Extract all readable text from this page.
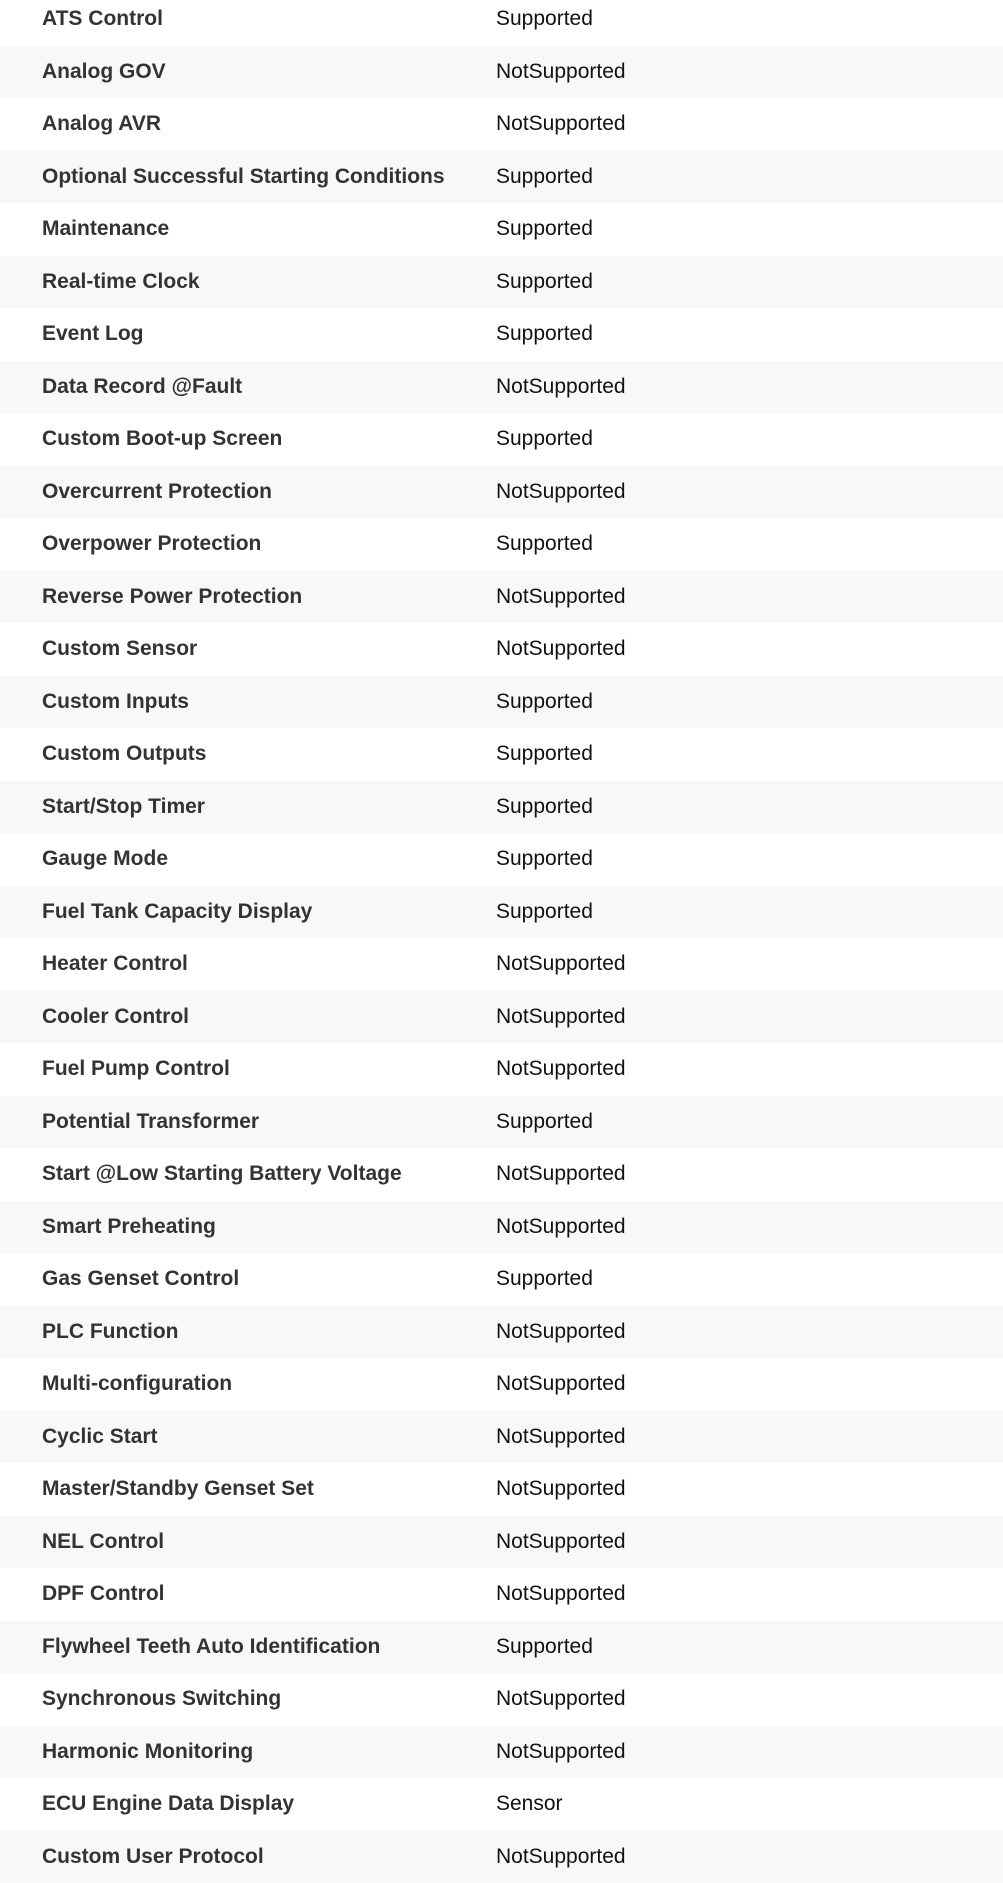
ATS Control	Supported
Analog GOV	NotSupported
Analog AVR	NotSupported
Optional Successful Starting Conditions	Supported
Maintenance	Supported
Real-time Clock	Supported
Event Log	Supported
Data Record @Fault	NotSupported
Custom Boot-up Screen	Supported
Overcurrent Protection	NotSupported
Overpower Protection	Supported
Reverse Power Protection	NotSupported
Custom Sensor	NotSupported
Custom Inputs	Supported
Custom Outputs	Supported
Start/Stop Timer	Supported
Gauge Mode	Supported
Fuel Tank Capacity Display	Supported
Heater Control	NotSupported
Cooler Control	NotSupported
Fuel Pump Control	NotSupported
Potential Transformer	Supported
Start @Low Starting Battery Voltage	NotSupported
Smart Preheating	NotSupported
Gas Genset Control	Supported
PLC Function	NotSupported
Multi-configuration	NotSupported
Cyclic Start	NotSupported
Master/Standby Genset Set	NotSupported
NEL Control	NotSupported
DPF Control	NotSupported
Flywheel Teeth Auto Identification	Supported
Synchronous Switching	NotSupported
Harmonic Monitoring	NotSupported
ECU Engine Data Display	Sensor
Custom User Protocol	NotSupported
